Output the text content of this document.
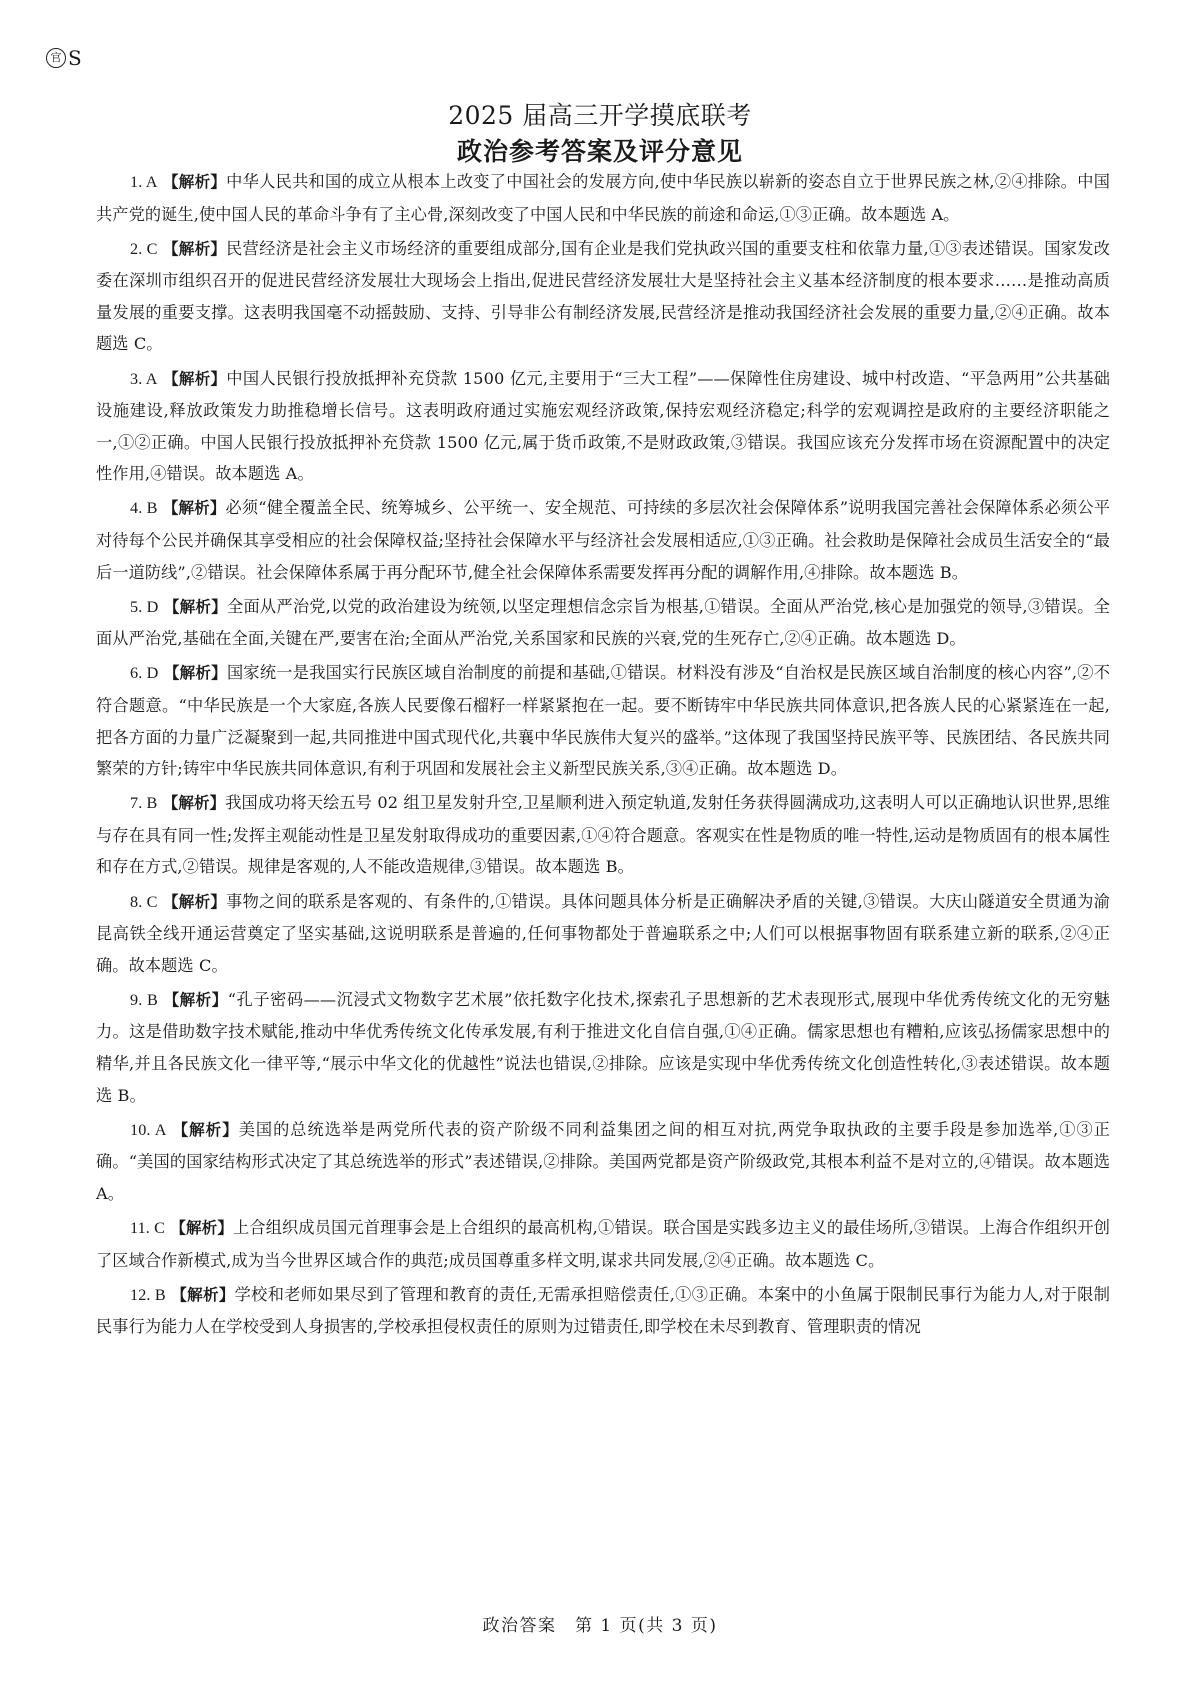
官 S
2025 届高三开学摸底联考
政治参考答案及评分意见

1. A 【解析】中华人民共和国的成立从根本上改变了中国社会的发展方向,使中华民族以崭新的姿态自立于世界民族之林,②④排除。中国共产党的诞生,使中国人民的革命斗争有了主心骨,深刻改变了中国人民和中华民族的前途和命运,①③正确。故本题选 A。

2. C 【解析】民营经济是社会主义市场经济的重要组成部分,国有企业是我们党执政兴国的重要支柱和依靠力量,①③表述错误。国家发改委在深圳市组织召开的促进民营经济发展壮大现场会上指出,促进民营经济发展壮大是坚持社会主义基本经济制度的根本要求……是推动高质量发展的重要支撑。这表明我国毫不动摇鼓励、支持、引导非公有制经济发展,民营经济是推动我国经济社会发展的重要力量,②④正确。故本题选 C。

3. A 【解析】中国人民银行投放抵押补充贷款 1500 亿元,主要用于“三大工程”——保障性住房建设、城中村改造、“平急两用”公共基础设施建设,释放政策发力助推稳增长信号。这表明政府通过实施宏观经济政策,保持宏观经济稳定;科学的宏观调控是政府的主要经济职能之一,①②正确。中国人民银行投放抵押补充贷款 1500 亿元,属于货币政策,不是财政政策,③错误。我国应该充分发挥市场在资源配置中的决定性作用,④错误。故本题选 A。

4. B 【解析】必须“健全覆盖全民、统筹城乡、公平统一、安全规范、可持续的多层次社会保障体系”说明我国完善社会保障体系必须公平对待每个公民并确保其享受相应的社会保障权益;坚持社会保障水平与经济社会发展相适应,①③正确。社会救助是保障社会成员生活安全的“最后一道防线”,②错误。社会保障体系属于再分配环节,健全社会保障体系需要发挥再分配的调解作用,④排除。故本题选 B。

5. D 【解析】全面从严治党,以党的政治建设为统领,以坚定理想信念宗旨为根基,①错误。全面从严治党,核心是加强党的领导,③错误。全面从严治党,基础在全面,关键在严,要害在治;全面从严治党,关系国家和民族的兴衰,党的生死存亡,②④正确。故本题选 D。

6. D 【解析】国家统一是我国实行民族区域自治制度的前提和基础,①错误。材料没有涉及“自治权是民族区域自治制度的核心内容”,②不符合题意。“中华民族是一个大家庭,各族人民要像石榴籽一样紧紧抱在一起。要不断铸牢中华民族共同体意识,把各族人民的心紧紧连在一起,把各方面的力量广泛凝聚到一起,共同推进中国式现代化,共襄中华民族伟大复兴的盛举。”这体现了我国坚持民族平等、民族团结、各民族共同繁荣的方针;铸牢中华民族共同体意识,有利于巩固和发展社会主义新型民族关系,③④正确。故本题选 D。

7. B 【解析】我国成功将天绘五号 02 组卫星发射升空,卫星顺利进入预定轨道,发射任务获得圆满成功,这表明人可以正确地认识世界,思维与存在具有同一性;发挥主观能动性是卫星发射取得成功的重要因素,①④符合题意。客观实在性是物质的唯一特性,运动是物质固有的根本属性和存在方式,②错误。规律是客观的,人不能改造规律,③错误。故本题选 B。

8. C 【解析】事物之间的联系是客观的、有条件的,①错误。具体问题具体分析是正确解决矛盾的关键,③错误。大庆山隧道安全贯通为渝昆高铁全线开通运营奠定了坚实基础,这说明联系是普遍的,任何事物都处于普遍联系之中;人们可以根据事物固有联系建立新的联系,②④正确。故本题选 C。

9. B 【解析】“孔子密码——沉浸式文物数字艺术展”依托数字化技术,探索孔子思想新的艺术表现形式,展现中华优秀传统文化的无穷魅力。这是借助数字技术赋能,推动中华优秀传统文化传承发展,有利于推进文化自信自强,①④正确。儒家思想也有糟粕,应该弘扬儒家思想中的精华,并且各民族文化一律平等,“展示中华文化的优越性”说法也错误,②排除。应该是实现中华优秀传统文化创造性转化,③表述错误。故本题选 B。

10. A 【解析】美国的总统选举是两党所代表的资产阶级不同利益集团之间的相互对抗,两党争取执政的主要手段是参加选举,①③正确。“美国的国家结构形式决定了其总统选举的形式”表述错误,②排除。美国两党都是资产阶级政党,其根本利益不是对立的,④错误。故本题选 A。

11. C 【解析】上合组织成员国元首理事会是上合组织的最高机构,①错误。联合国是实践多边主义的最佳场所,③错误。上海合作组织开创了区域合作新模式,成为当今世界区域合作的典范;成员国尊重多样文明,谋求共同发展,②④正确。故本题选 C。

12. B 【解析】学校和老师如果尽到了管理和教育的责任,无需承担赔偿责任,①③正确。本案中的小鱼属于限制民事行为能力人,对于限制民事行为能力人在学校受到人身损害的,学校承担侵权责任的原则为过错责任,即学校在未尽到教育、管理职责的情况

政治答案　第 1 页(共 3 页)
